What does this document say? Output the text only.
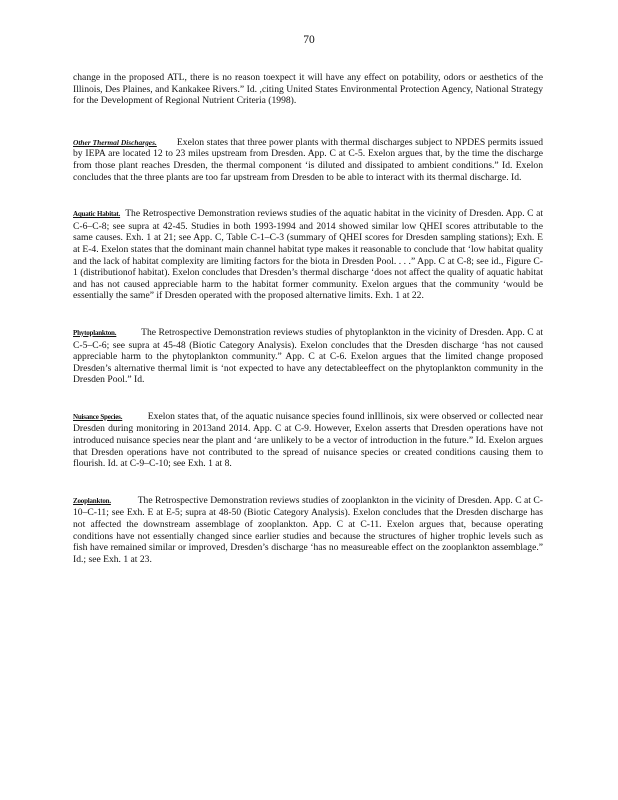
70

change in the proposed ATL, there is no reason toexpect it will have any effect on potability, odors or aesthetics of the Illinois, Des Plaines, and Kankakee Rivers.” Id. ,citing United States Environmental Protection Agency, National Strategy for the Development of Regional Nutrient Criteria (1998).

Other Thermal Discharges. Exelon states that three power plants with thermal discharges subject to NPDES permits issued by IEPA are located 12 to 23 miles upstream from Dresden. App. C at C-5. Exelon argues that, by the time the discharge from those plant reaches Dresden, the thermal component ‘is diluted and dissipated to ambient conditions.” Id. Exelon concludes that the three plants are too far upstream from Dresden to be able to interact with its thermal discharge. Id.

Aquatic Habitat. The Retrospective Demonstration reviews studies of the aquatic habitat in the vicinity of Dresden. App. C at C-6–C-8; see supra at 42-45. Studies in both 1993-1994 and 2014 showed similar low QHEI scores attributable to the same causes. Exh. 1 at 21; see App. C, Table C-1–C-3 (summary of QHEI scores for Dresden sampling stations); Exh. E at E-4. Exelon states that the dominant main channel habitat type makes it reasonable to conclude that ‘low habitat quality and the lack of habitat complexity are limiting factors for the biota in Dresden Pool. . . .” App. C at C-8; see id., Figure C-1 (distributionof habitat). Exelon concludes that Dresden’s thermal discharge ‘does not affect the quality of aquatic habitat and has not caused appreciable harm to the habitat former community. Exelon argues that the community ‘would be essentially the same” if Dresden operated with the proposed alternative limits. Exh. 1 at 22.

Phytoplankton.	The Retrospective Demonstration reviews studies of phytoplankton in the vicinity of Dresden. App. C at C-5–C-6; see supra at 45-48 (Biotic Category Analysis). Exelon concludes that the Dresden discharge ‘has not caused appreciable harm to the phytoplankton community.” App. C at C-6. Exelon argues that the limited change proposed Dresden’s alternative thermal limit is ‘not expected to have any detectableeffect on the phytoplankton community in the Dresden Pool.” Id.

Nuisance Species.	Exelon states that, of the aquatic nuisance species found inIllinois, six were observed or collected near Dresden during monitoring in 2013and 2014. App. C at C-9. However, Exelon asserts that Dresden operations have not introduced nuisance species near the plant and ‘are unlikely to be a vector of introduction in the future.” Id. Exelon argues that Dresden operations have not contributed to the spread of nuisance species or created conditions causing them to flourish. Id. at C-9–C-10; see Exh. 1 at 8.

Zooplankton.	The Retrospective Demonstration reviews studies of zooplankton in the vicinity of Dresden. App. C at C-10–C-11; see Exh. E at E-5; supra at 48-50 (Biotic Category Analysis). Exelon concludes that the Dresden discharge has not affected the downstream assemblage of zooplankton. App. C at C-11. Exelon argues that, because operating conditions have not essentially changed since earlier studies and because the structures of higher trophic levels such as fish have remained similar or improved, Dresden’s discharge ‘has no measureable effect on the zooplankton assemblage.” Id.; see Exh. 1 at 23.
